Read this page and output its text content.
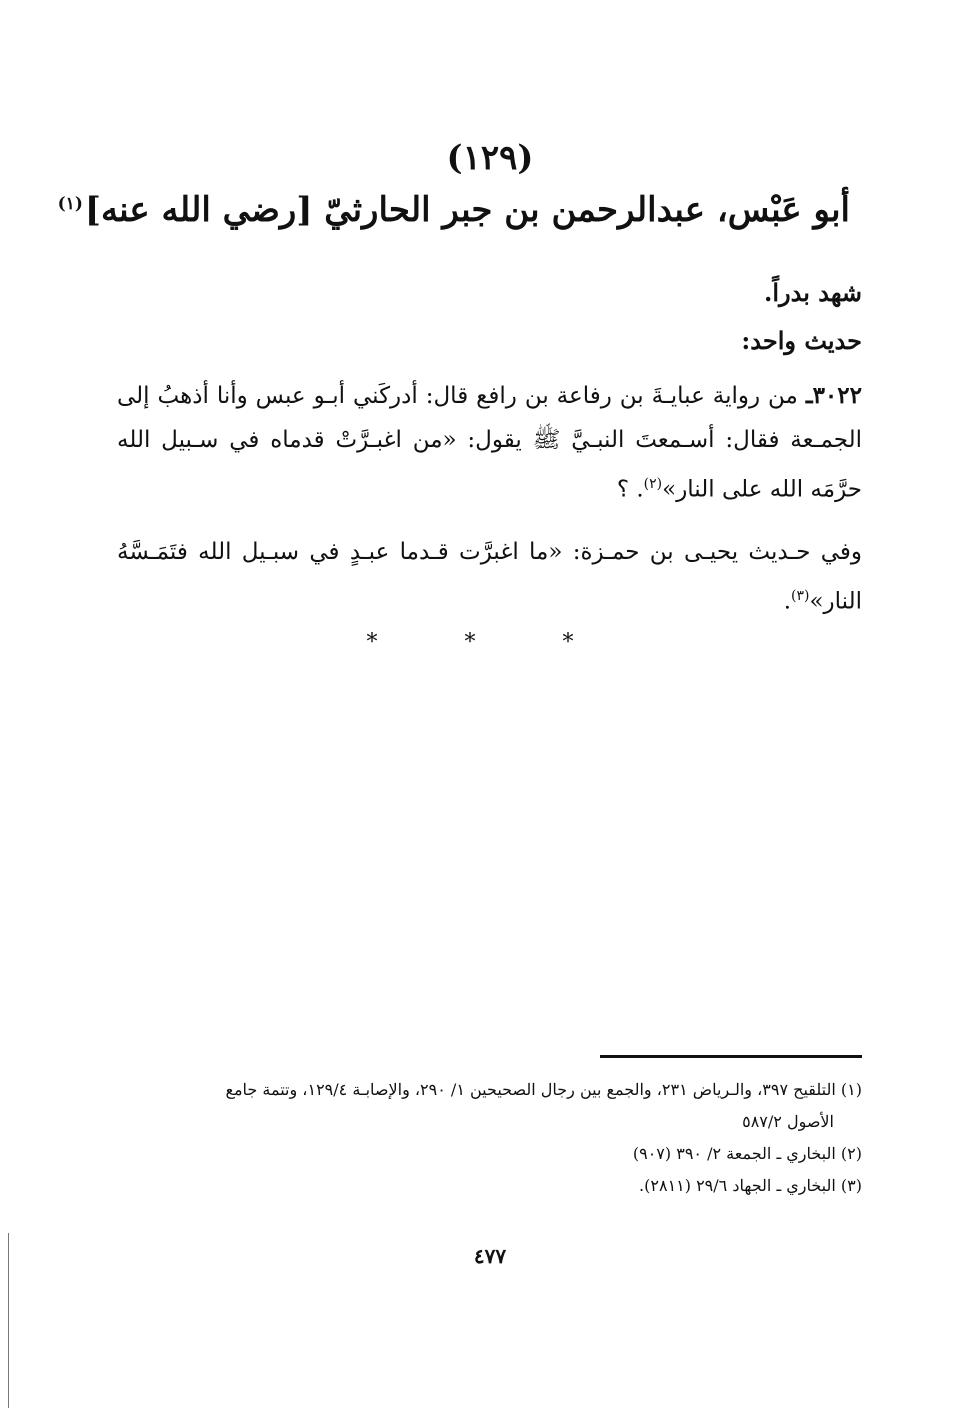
(١٢٩)
أبو عَبْس، عبدالرحمن بن جبر الحارثيّ [رضي الله عنه]$^{(١)}$
شهد بدراً.
حديث واحد:
٣٠٢٢ـ من رواية عبايـةَ بن رفاعة بن رافع قال: أدركَني أبـو عبس وأنا أذهبُ إلى الجمـعة فقال: أسـمعتَ النبـيَّ ﷺ يقول: «من اغبـرَّتْ قدماه في سـبيل الله حرَّمَه الله على النار»$^{(٢)}$. ؟
وفي حـديث يحيـى بن حمـزة: «ما اغبرَّت قـدما عبـدٍ في سبـيل الله فتَمَـسَّهُ النار»$^{(٣)}$.
* * *

(١) التلقيح ٣٩٧، والـرياض ٢٣١، والجمع بين رجال الصحيحين ١/ ٢٩٠، والإصابـة ١٢٩/٤، وتتمة جامع
الأصول ٥٨٧/٢

(٢) البخاري ـ الجمعة ٢/ ٣٩٠ (٩٠٧)

(٣) البخاري ـ الجهاد ٢٩/٦ (٢٨١١).

٤٧٧
